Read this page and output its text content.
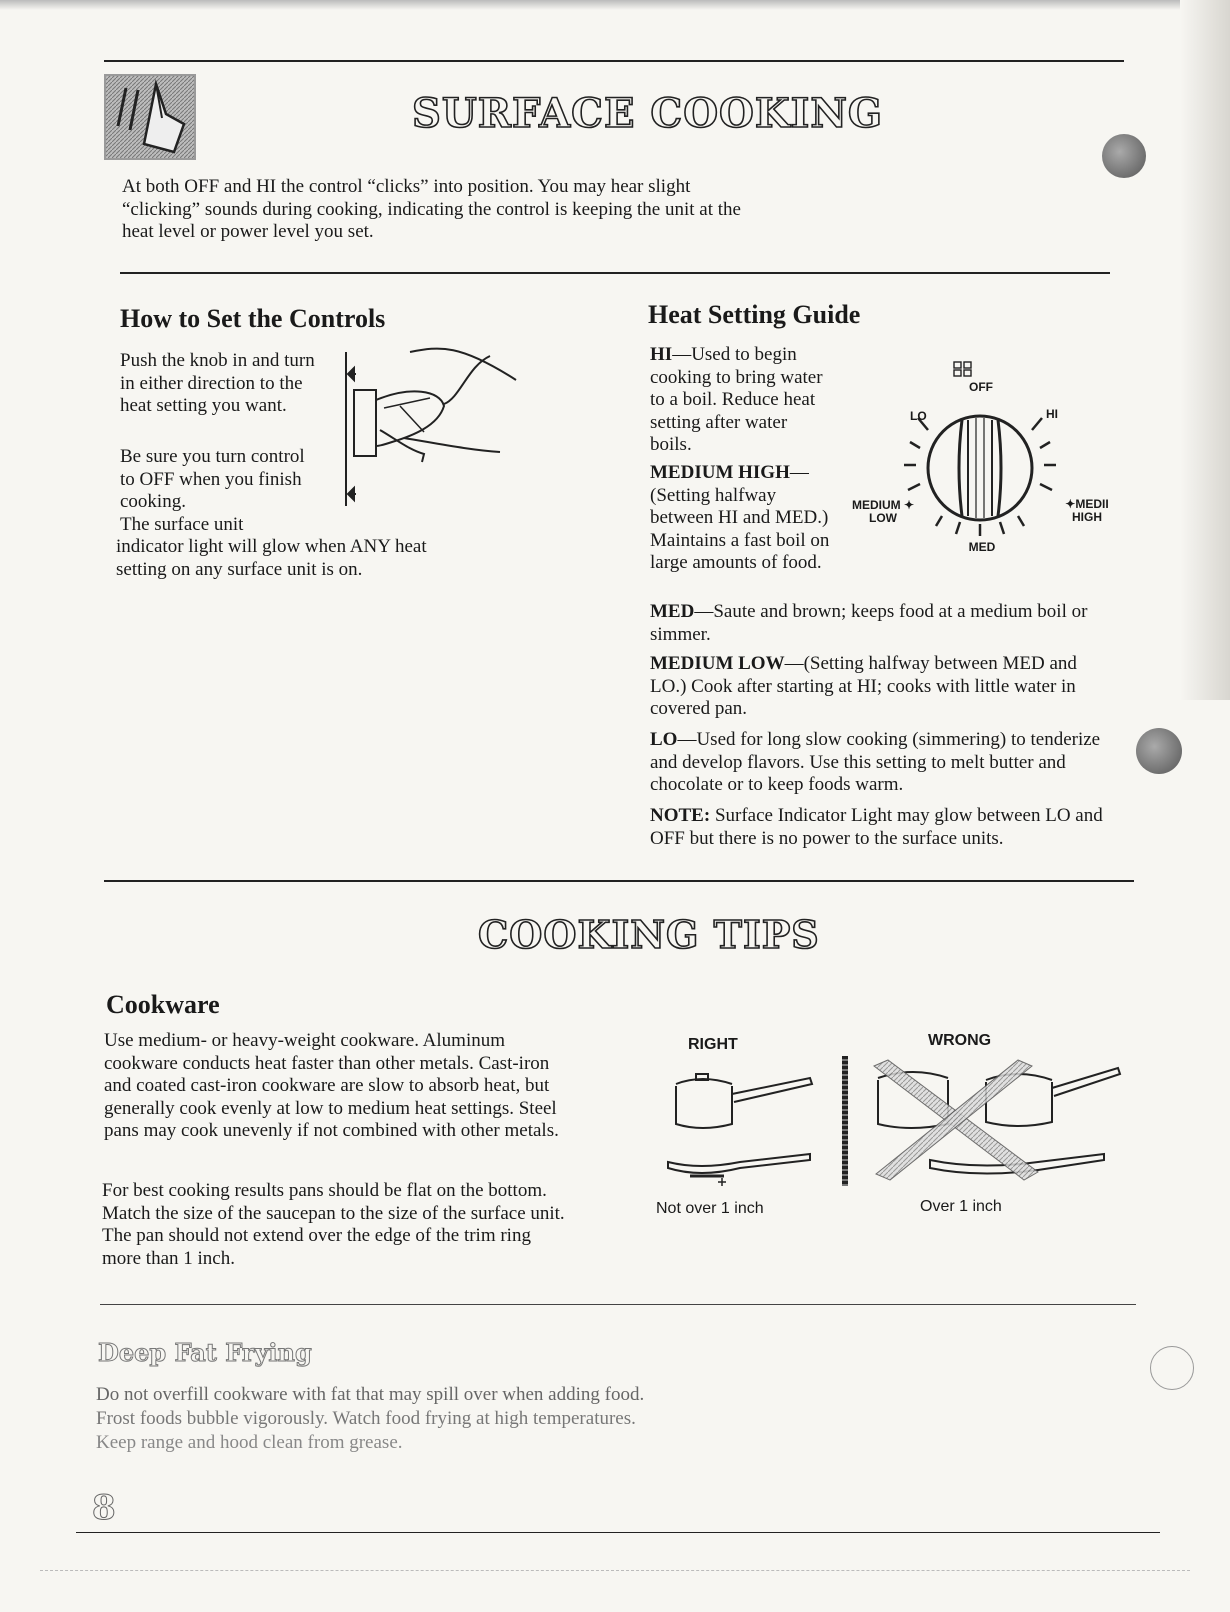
SURFACE COOKING
At both OFF and HI the control “clicks” into position. You may hear slight “clicking” sounds during cooking, indicating the control is keeping the unit at the heat level or power level you set.
How to Set the Controls
Push the knob in and turn in either direction to the heat setting you want.
Be sure you turn control to OFF when you finish cooking.
The surface unit
indicator light will glow when ANY heat setting on any surface unit is on.
Heat Setting Guide
HI—Used to begin cooking to bring water to a boil. Reduce heat setting after water boils.
MEDIUM HIGH— (Setting halfway between HI and MED.) Maintains a fast boil on large amounts of food.
MED—Saute and brown; keeps food at a medium boil or simmer.
MEDIUM LOW—(Setting halfway between MED and LO.) Cook after starting at HI; cooks with little water in covered pan.
LO—Used for long slow cooking (simmering) to tenderize and develop flavors. Use this setting to melt butter and chocolate or to keep foods warm.
NOTE: Surface Indicator Light may glow between LO and OFF but there is no power to the surface units.
OFF
LO	HI
MEDIUM ✦
LOW
✦MEDII
HIGH
MED
COOKING TIPS
Cookware
Use medium- or heavy-weight cookware. Aluminum cookware conducts heat faster than other metals. Cast-iron and coated cast-iron cookware are slow to absorb heat, but generally cook evenly at low to medium heat settings. Steel pans may cook unevenly if not combined with other metals.
For best cooking results pans should be flat on the bottom. Match the size of the saucepan to the size of the surface unit. The pan should not extend over the edge of the trim ring more than 1 inch.
RIGHT	WRONG
Not over 1 inch	Over 1 inch
Deep Fat Frying
Do not overfill cookware with fat that may spill over when adding food.
Frost foods bubble vigorously. Watch food frying at high temperatures.
Keep range and hood clean from grease.
8
